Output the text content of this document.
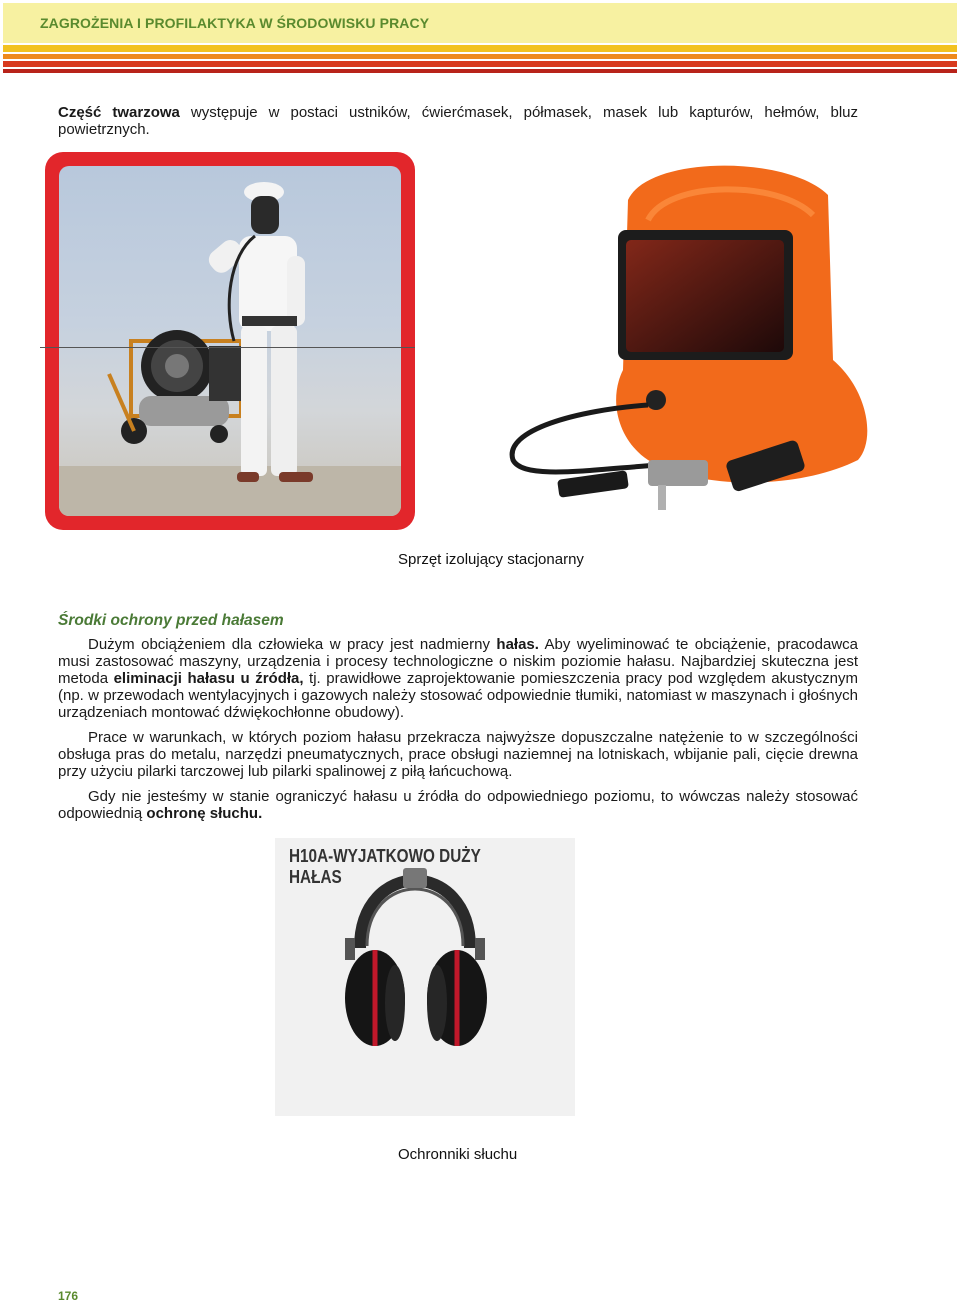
ZAGROŻENIA I PROFILAKTYKA W ŚRODOWISKU PRACY
Część twarzowa występuje w postaci ustników, ćwierćmasek, półmasek, masek lub kapturów, hełmów, bluz powietrznych.
Sprzęt izolujący stacjonarny
Środki ochrony przed hałasem
Dużym obciążeniem dla człowieka w pracy jest nadmierny hałas. Aby wyeliminować te obciążenie, pracodawca musi zastosować maszyny, urządzenia i procesy technologiczne o niskim poziomie hałasu. Najbardziej skuteczna jest metoda eliminacji hałasu u źródła, tj. prawidłowe zaprojektowanie pomieszczenia pracy pod względem akustycznym (np. w przewodach wentylacyjnych i gazowych należy stosować odpowiednie tłumiki, natomiast w maszynach i głośnych urządzeniach montować dźwiękochłonne obudowy).
Prace w warunkach, w których poziom hałasu przekracza najwyższe dopuszczalne natężenie to w szczególności obsługa pras do metalu, narzędzi pneumatycznych, prace obsługi naziemnej na lotniskach, wbijanie pali, cięcie drewna przy użyciu pilarki tarczowej lub pilarki spalinowej z piłą łańcuchową.
Gdy nie jesteśmy w stanie ograniczyć hałasu u źródła do odpowiedniego poziomu, to wówczas należy stosować odpowiednią ochronę słuchu.
H10A-WYJATKOWO DUŻY HAŁAS
Ochronniki słuchu
176
